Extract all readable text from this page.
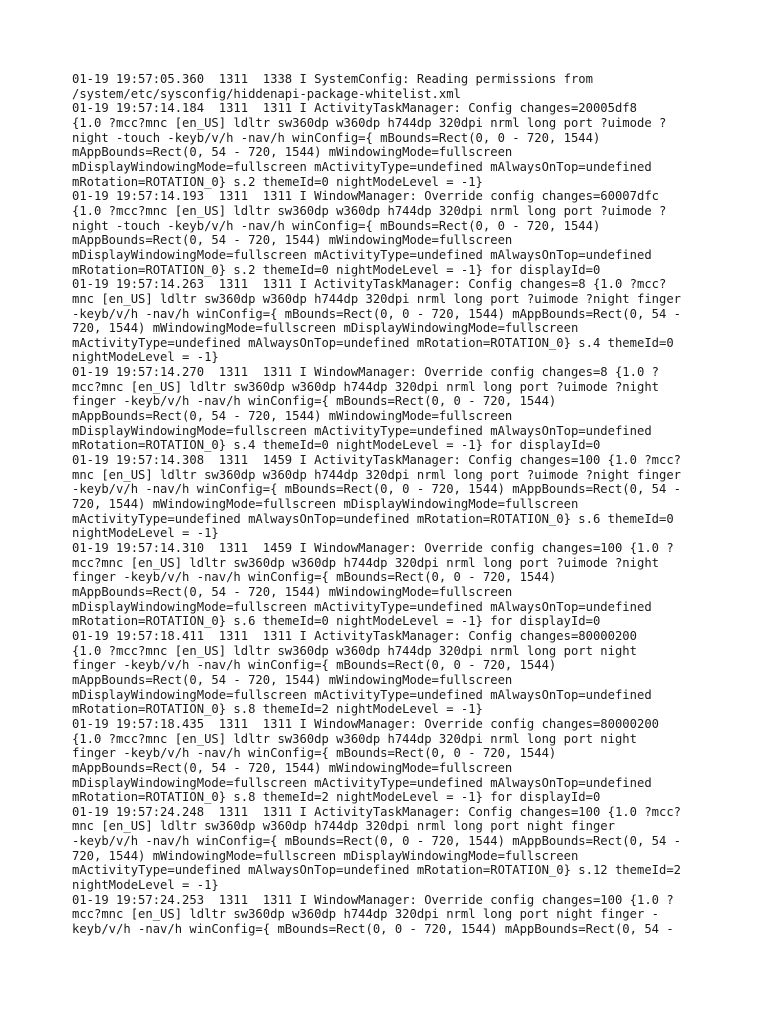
01-19 19:57:05.360  1311  1338 I SystemConfig: Reading permissions from
/system/etc/sysconfig/hiddenapi-package-whitelist.xml
01-19 19:57:14.184  1311  1311 I ActivityTaskManager: Config changes=20005df8
{1.0 ?mcc?mnc [en_US] ldltr sw360dp w360dp h744dp 320dpi nrml long port ?uimode ?
night -touch -keyb/v/h -nav/h winConfig={ mBounds=Rect(0, 0 - 720, 1544)
mAppBounds=Rect(0, 54 - 720, 1544) mWindowingMode=fullscreen
mDisplayWindowingMode=fullscreen mActivityType=undefined mAlwaysOnTop=undefined
mRotation=ROTATION_0} s.2 themeId=0 nightModeLevel = -1}
01-19 19:57:14.193  1311  1311 I WindowManager: Override config changes=60007dfc
{1.0 ?mcc?mnc [en_US] ldltr sw360dp w360dp h744dp 320dpi nrml long port ?uimode ?
night -touch -keyb/v/h -nav/h winConfig={ mBounds=Rect(0, 0 - 720, 1544)
mAppBounds=Rect(0, 54 - 720, 1544) mWindowingMode=fullscreen
mDisplayWindowingMode=fullscreen mActivityType=undefined mAlwaysOnTop=undefined
mRotation=ROTATION_0} s.2 themeId=0 nightModeLevel = -1} for displayId=0
01-19 19:57:14.263  1311  1311 I ActivityTaskManager: Config changes=8 {1.0 ?mcc?
mnc [en_US] ldltr sw360dp w360dp h744dp 320dpi nrml long port ?uimode ?night finger
-keyb/v/h -nav/h winConfig={ mBounds=Rect(0, 0 - 720, 1544) mAppBounds=Rect(0, 54 -
720, 1544) mWindowingMode=fullscreen mDisplayWindowingMode=fullscreen
mActivityType=undefined mAlwaysOnTop=undefined mRotation=ROTATION_0} s.4 themeId=0
nightModeLevel = -1}
01-19 19:57:14.270  1311  1311 I WindowManager: Override config changes=8 {1.0 ?
mcc?mnc [en_US] ldltr sw360dp w360dp h744dp 320dpi nrml long port ?uimode ?night
finger -keyb/v/h -nav/h winConfig={ mBounds=Rect(0, 0 - 720, 1544)
mAppBounds=Rect(0, 54 - 720, 1544) mWindowingMode=fullscreen
mDisplayWindowingMode=fullscreen mActivityType=undefined mAlwaysOnTop=undefined
mRotation=ROTATION_0} s.4 themeId=0 nightModeLevel = -1} for displayId=0
01-19 19:57:14.308  1311  1459 I ActivityTaskManager: Config changes=100 {1.0 ?mcc?
mnc [en_US] ldltr sw360dp w360dp h744dp 320dpi nrml long port ?uimode ?night finger
-keyb/v/h -nav/h winConfig={ mBounds=Rect(0, 0 - 720, 1544) mAppBounds=Rect(0, 54 -
720, 1544) mWindowingMode=fullscreen mDisplayWindowingMode=fullscreen
mActivityType=undefined mAlwaysOnTop=undefined mRotation=ROTATION_0} s.6 themeId=0
nightModeLevel = -1}
01-19 19:57:14.310  1311  1459 I WindowManager: Override config changes=100 {1.0 ?
mcc?mnc [en_US] ldltr sw360dp w360dp h744dp 320dpi nrml long port ?uimode ?night
finger -keyb/v/h -nav/h winConfig={ mBounds=Rect(0, 0 - 720, 1544)
mAppBounds=Rect(0, 54 - 720, 1544) mWindowingMode=fullscreen
mDisplayWindowingMode=fullscreen mActivityType=undefined mAlwaysOnTop=undefined
mRotation=ROTATION_0} s.6 themeId=0 nightModeLevel = -1} for displayId=0
01-19 19:57:18.411  1311  1311 I ActivityTaskManager: Config changes=80000200
{1.0 ?mcc?mnc [en_US] ldltr sw360dp w360dp h744dp 320dpi nrml long port night
finger -keyb/v/h -nav/h winConfig={ mBounds=Rect(0, 0 - 720, 1544)
mAppBounds=Rect(0, 54 - 720, 1544) mWindowingMode=fullscreen
mDisplayWindowingMode=fullscreen mActivityType=undefined mAlwaysOnTop=undefined
mRotation=ROTATION_0} s.8 themeId=2 nightModeLevel = -1}
01-19 19:57:18.435  1311  1311 I WindowManager: Override config changes=80000200
{1.0 ?mcc?mnc [en_US] ldltr sw360dp w360dp h744dp 320dpi nrml long port night
finger -keyb/v/h -nav/h winConfig={ mBounds=Rect(0, 0 - 720, 1544)
mAppBounds=Rect(0, 54 - 720, 1544) mWindowingMode=fullscreen
mDisplayWindowingMode=fullscreen mActivityType=undefined mAlwaysOnTop=undefined
mRotation=ROTATION_0} s.8 themeId=2 nightModeLevel = -1} for displayId=0
01-19 19:57:24.248  1311  1311 I ActivityTaskManager: Config changes=100 {1.0 ?mcc?
mnc [en_US] ldltr sw360dp w360dp h744dp 320dpi nrml long port night finger
-keyb/v/h -nav/h winConfig={ mBounds=Rect(0, 0 - 720, 1544) mAppBounds=Rect(0, 54 -
720, 1544) mWindowingMode=fullscreen mDisplayWindowingMode=fullscreen
mActivityType=undefined mAlwaysOnTop=undefined mRotation=ROTATION_0} s.12 themeId=2
nightModeLevel = -1}
01-19 19:57:24.253  1311  1311 I WindowManager: Override config changes=100 {1.0 ?
mcc?mnc [en_US] ldltr sw360dp w360dp h744dp 320dpi nrml long port night finger -
keyb/v/h -nav/h winConfig={ mBounds=Rect(0, 0 - 720, 1544) mAppBounds=Rect(0, 54 -
